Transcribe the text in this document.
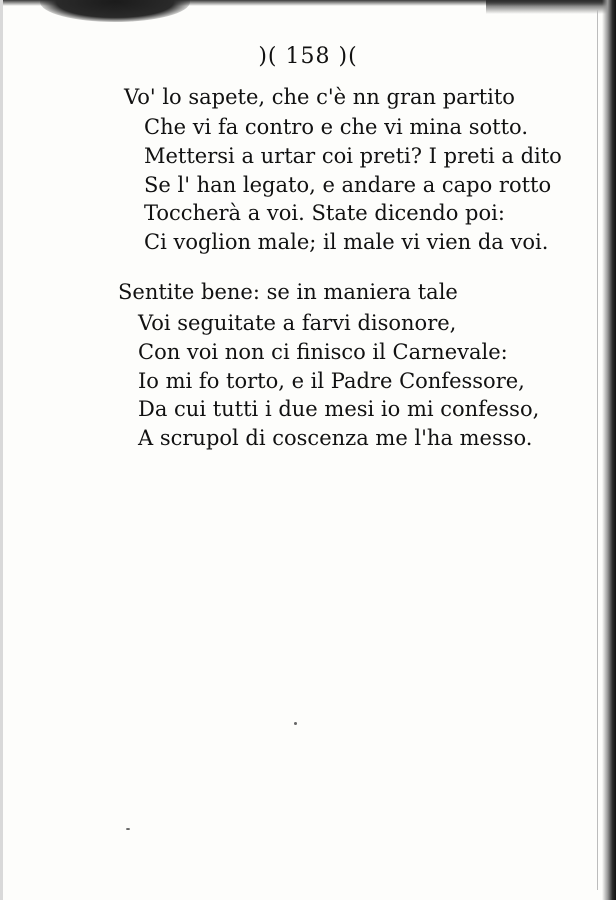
)( 158 )(
Vo' lo sapete, che c'è nn gran partito
Che vi fa contro e che vi mina sotto.
Mettersi a urtar coi preti? I preti a dito
Se l' han legato, e andare a capo rotto
Toccherà a voi. State dicendo poi:
Ci voglion male; il male vi vien da voi.
Sentite bene: se in maniera tale
Voi seguitate a farvi disonore,
Con voi non ci finisco il Carnevale:
Io mi fo torto, e il Padre Confessore,
Da cui tutti i due mesi io mi confesso,
A scrupol di coscenza me l'ha messo.
